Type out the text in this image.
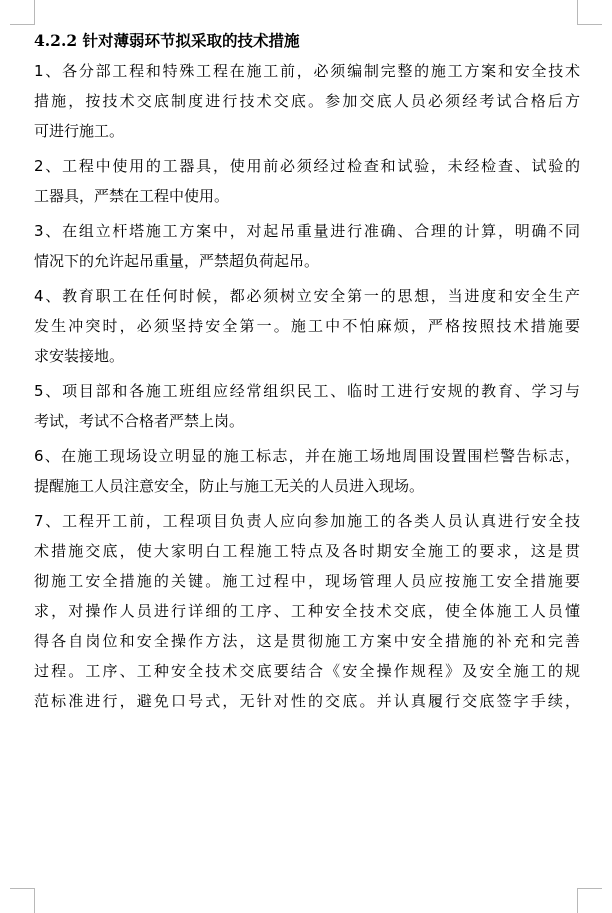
4.2.2 针对薄弱环节拟采取的技术措施
1、各分部工程和特殊工程在施工前，必须编制完整的施工方案和安全技术
措施，按技术交底制度进行技术交底。参加交底人员必须经考试合格后方
可进行施工。
2、工程中使用的工器具，使用前必须经过检查和试验，未经检查、试验的
工器具，严禁在工程中使用。
3、在组立杆塔施工方案中，对起吊重量进行准确、合理的计算，明确不同
情况下的允许起吊重量，严禁超负荷起吊。
4、教育职工在任何时候，都必须树立安全第一的思想，当进度和安全生产
发生冲突时，必须坚持安全第一。施工中不怕麻烦，严格按照技术措施要
求安装接地。
5、项目部和各施工班组应经常组织民工、临时工进行安规的教育、学习与
考试，考试不合格者严禁上岗。
6、在施工现场设立明显的施工标志，并在施工场地周围设置围栏警告标志，
提醒施工人员注意安全，防止与施工无关的人员进入现场。
7、工程开工前，工程项目负责人应向参加施工的各类人员认真进行安全技
术措施交底，使大家明白工程施工特点及各时期安全施工的要求，这是贯
彻施工安全措施的关键。施工过程中，现场管理人员应按施工安全措施要
求，对操作人员进行详细的工序、工种安全技术交底，使全体施工人员懂
得各自岗位和安全操作方法，这是贯彻施工方案中安全措施的补充和完善
过程。工序、工种安全技术交底要结合《安全操作规程》及安全施工的规
范标准进行，避免口号式，无针对性的交底。并认真履行交底签字手续，
